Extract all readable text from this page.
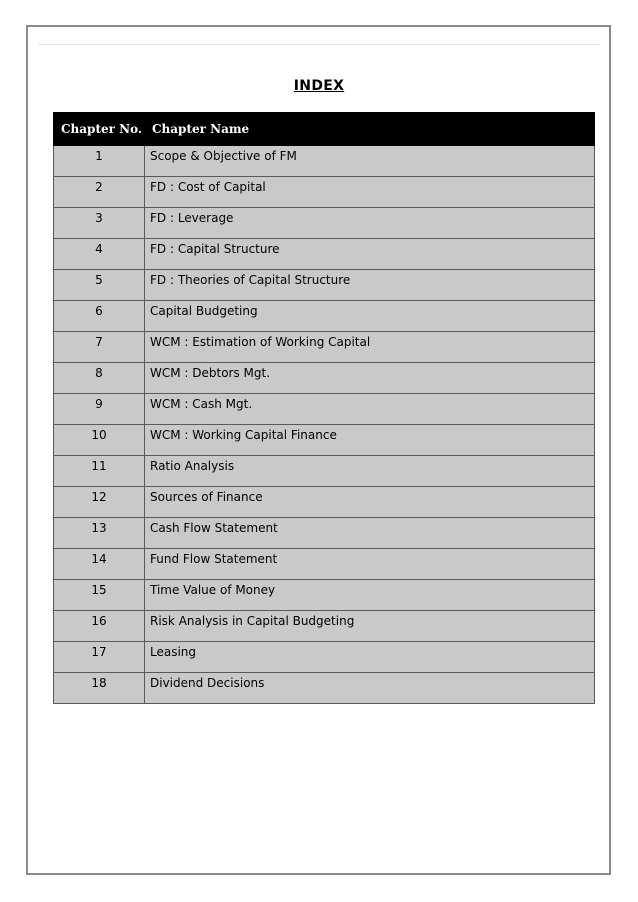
INDEX
Chapter No.	Chapter Name

1	Scope & Objective of FM

2	FD : Cost of Capital

3	FD : Leverage

4	FD : Capital Structure

5	FD : Theories of Capital Structure

6	Capital Budgeting

7	WCM : Estimation of Working Capital

8	WCM : Debtors Mgt.

9	WCM : Cash Mgt.

10	WCM : Working Capital Finance

11	Ratio Analysis

12	Sources of Finance

13	Cash Flow Statement

14	Fund Flow Statement

15	Time Value of Money

16	Risk Analysis in Capital Budgeting

17	Leasing

18	Dividend Decisions
